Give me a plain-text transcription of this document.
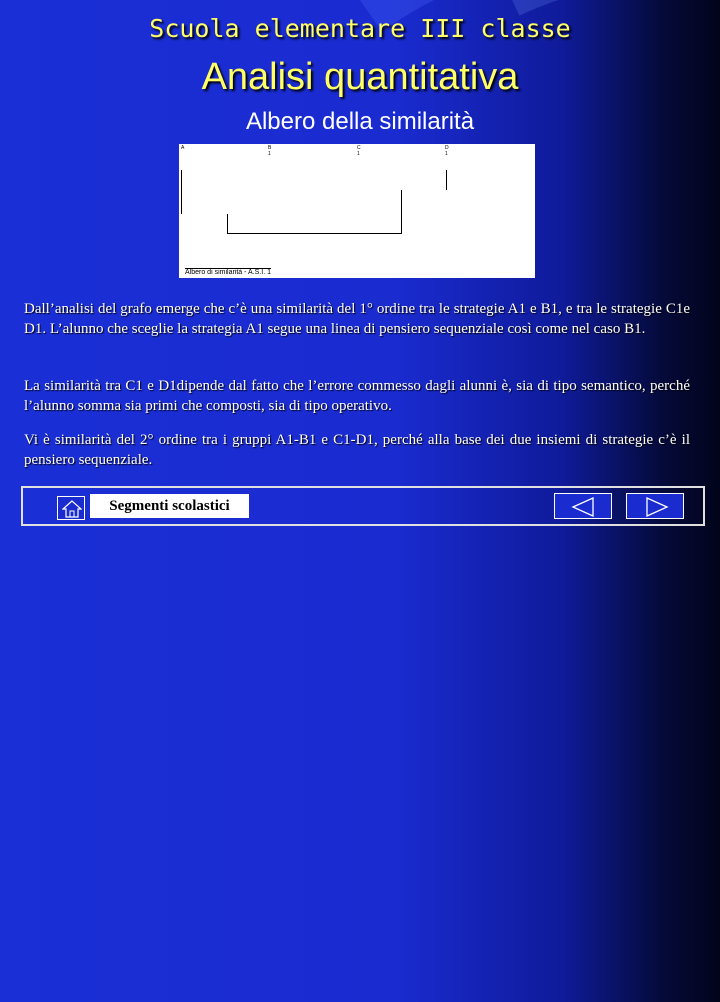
Scuola elementare III classe
Analisi quantitativa
Albero della similarità
A	B
1
C
1
D
1
Albero di similarità - A.S.I. 1
Dall’analisi del grafo emerge che c’è una similarità del 1° ordine tra le strategie A1 e B1, e tra le strategie C1e D1. L’alunno che sceglie la strategia A1 segue una linea di pensiero sequenziale così come nel caso B1.
La similarità tra C1 e D1dipende dal fatto che l’errore commesso dagli alunni è, sia di tipo semantico, perché l’alunno somma sia primi che composti, sia di tipo operativo.
Vi è similarità del 2° ordine tra i gruppi A1-B1 e C1-D1, perché alla base dei due insiemi di strategie c’è il pensiero sequenziale.
Segmenti scolastici
